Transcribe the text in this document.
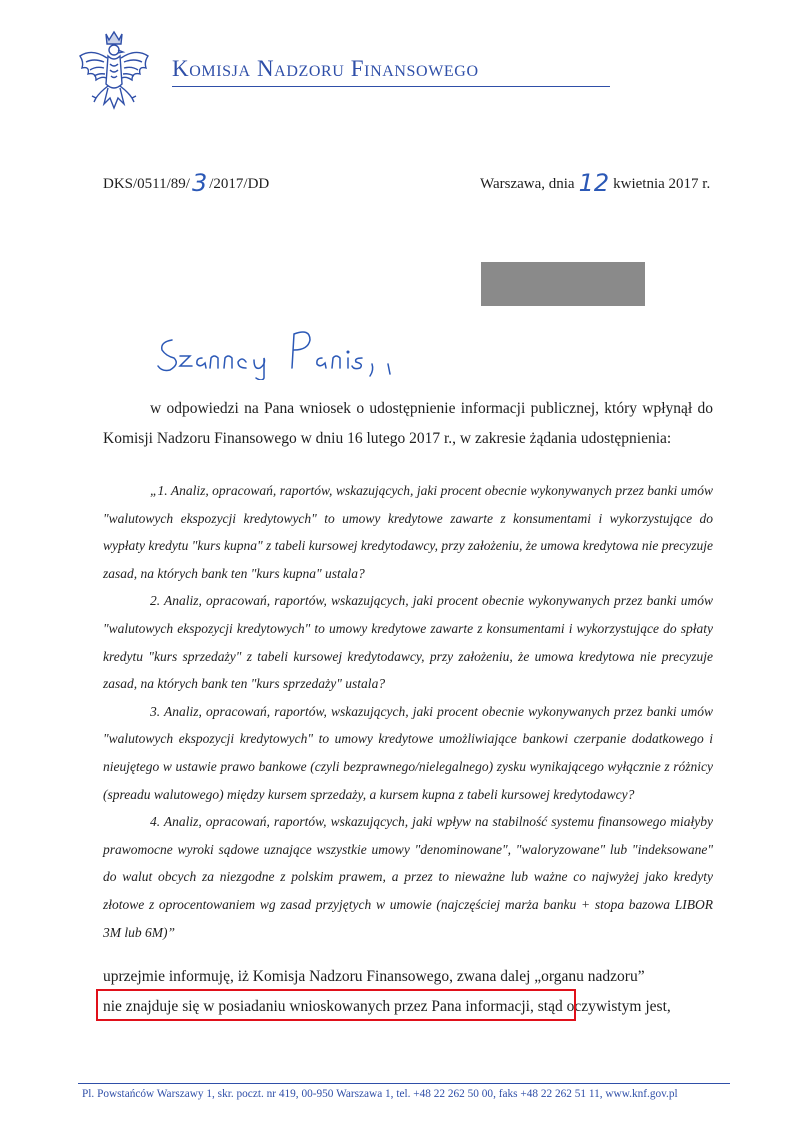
Komisja Nadzoru Finansowego
DKS/0511/89/3 /2017/DD	Warszawa, dnia 12 kwietnia 2017 r.

w odpowiedzi na Pana wniosek o udostępnienie informacji publicznej, który wpłynął do Komisji Nadzoru Finansowego w dniu 16 lutego 2017 r., w zakresie żądania udostępnienia:

„1. Analiz, opracowań, raportów, wskazujących, jaki procent obecnie wykonywanych przez banki umów "walutowych ekspozycji kredytowych" to umowy kredytowe zawarte z konsumentami i wykorzystujące do wypłaty kredytu "kurs kupna" z tabeli kursowej kredytodawcy, przy założeniu, że umowa kredytowa nie precyzuje zasad, na których bank ten "kurs kupna" ustala?

2. Analiz, opracowań, raportów, wskazujących, jaki procent obecnie wykonywanych przez banki umów "walutowych ekspozycji kredytowych" to umowy kredytowe zawarte z konsumentami i wykorzystujące do spłaty kredytu "kurs sprzedaży" z tabeli kursowej kredytodawcy, przy założeniu, że umowa kredytowa nie precyzuje zasad, na których bank ten "kurs sprzedaży" ustala?

3. Analiz, opracowań, raportów, wskazujących, jaki procent obecnie wykonywanych przez banki umów "walutowych ekspozycji kredytowych" to umowy kredytowe umożliwiające bankowi czerpanie dodatkowego i nieujętego w ustawie prawo bankowe (czyli bezprawnego/nielegalnego) zysku wynikającego wyłącznie z różnicy (spreadu walutowego) między kursem sprzedaży, a kursem kupna z tabeli kursowej kredytodawcy?

4. Analiz, opracowań, raportów, wskazujących, jaki wpływ na stabilność systemu finansowego miałyby prawomocne wyroki sądowe uznające wszystkie umowy "denominowane", "waloryzowane" lub "indeksowane" do walut obcych za niezgodne z polskim prawem, a przez to nieważne lub ważne co najwyżej jako kredyty złotowe z oprocentowaniem wg zasad przyjętych w umowie (najczęściej marża banku + stopa bazowa LIBOR 3M lub 6M)”

uprzejmie informuję, iż Komisja Nadzoru Finansowego, zwana dalej „organu nadzoru”

nie znajduje się w posiadaniu wnioskowanych przez Pana informacji, stąd oczywistym jest,

Pl. Powstańców Warszawy 1, skr. poczt. nr 419, 00-950 Warszawa 1, tel. +48 22 262 50 00, faks +48 22 262 51 11, www.knf.gov.pl
